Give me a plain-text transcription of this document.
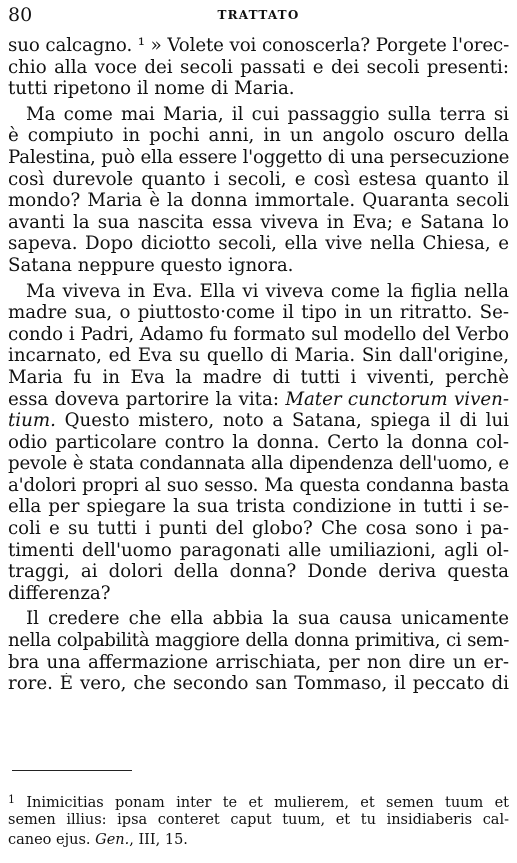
80	TRATTATO
suo calcagno. ¹ » Volete voi conoscerla? Porgete l'orec-
chio alla voce dei secoli passati e dei secoli presenti:
tutti ripetono il nome di Maria.
Ma come mai Maria, il cui passaggio sulla terra si
è compiuto in pochi anni, in un angolo oscuro della
Palestina, può ella essere l'oggetto di una persecuzione
così durevole quanto i secoli, e così estesa quanto il
mondo? Maria è la donna immortale. Quaranta secoli
avanti la sua nascita essa viveva in Eva; e Satana lo
sapeva. Dopo diciotto secoli, ella vive nella Chiesa, e
Satana neppure questo ignora.
Ma viveva in Eva. Ella vi viveva come la figlia nella
madre sua, o piuttosto·come il tipo in un ritratto. Se-
condo i Padri, Adamo fu formato sul modello del Verbo
incarnato, ed Eva su quello di Maria. Sin dall'origine,
Maria fu in Eva la madre di tutti i viventi, perchè
essa doveva partorire la vita: Mater cunctorum viven-
tium. Questo mistero, noto a Satana, spiega il di lui
odio particolare contro la donna. Certo la donna col-
pevole è stata condannata alla dipendenza dell'uomo, e
a'dolori propri al suo sesso. Ma questa condanna basta
ella per spiegare la sua trista condizione in tutti i se-
coli e su tutti i punti del globo? Che cosa sono i pa-
timenti dell'uomo paragonati alle umiliazioni, agli ol-
traggi, ai dolori della donna? Donde deriva questa
differenza?
Il credere che ella abbia la sua causa unicamente
nella colpabilità maggiore della donna primitiva, ci sem-
bra una affermazione arrischiata, per non dire un er-
rore. È vero, che secondo san Tommaso, il peccato di
$^1$ Inimicitias ponam inter te et mulierem, et semen tuum et
semen illius: ipsa conteret caput tuum, et tu insidiaberis cal-
caneo ejus. Gen., III, 15.
